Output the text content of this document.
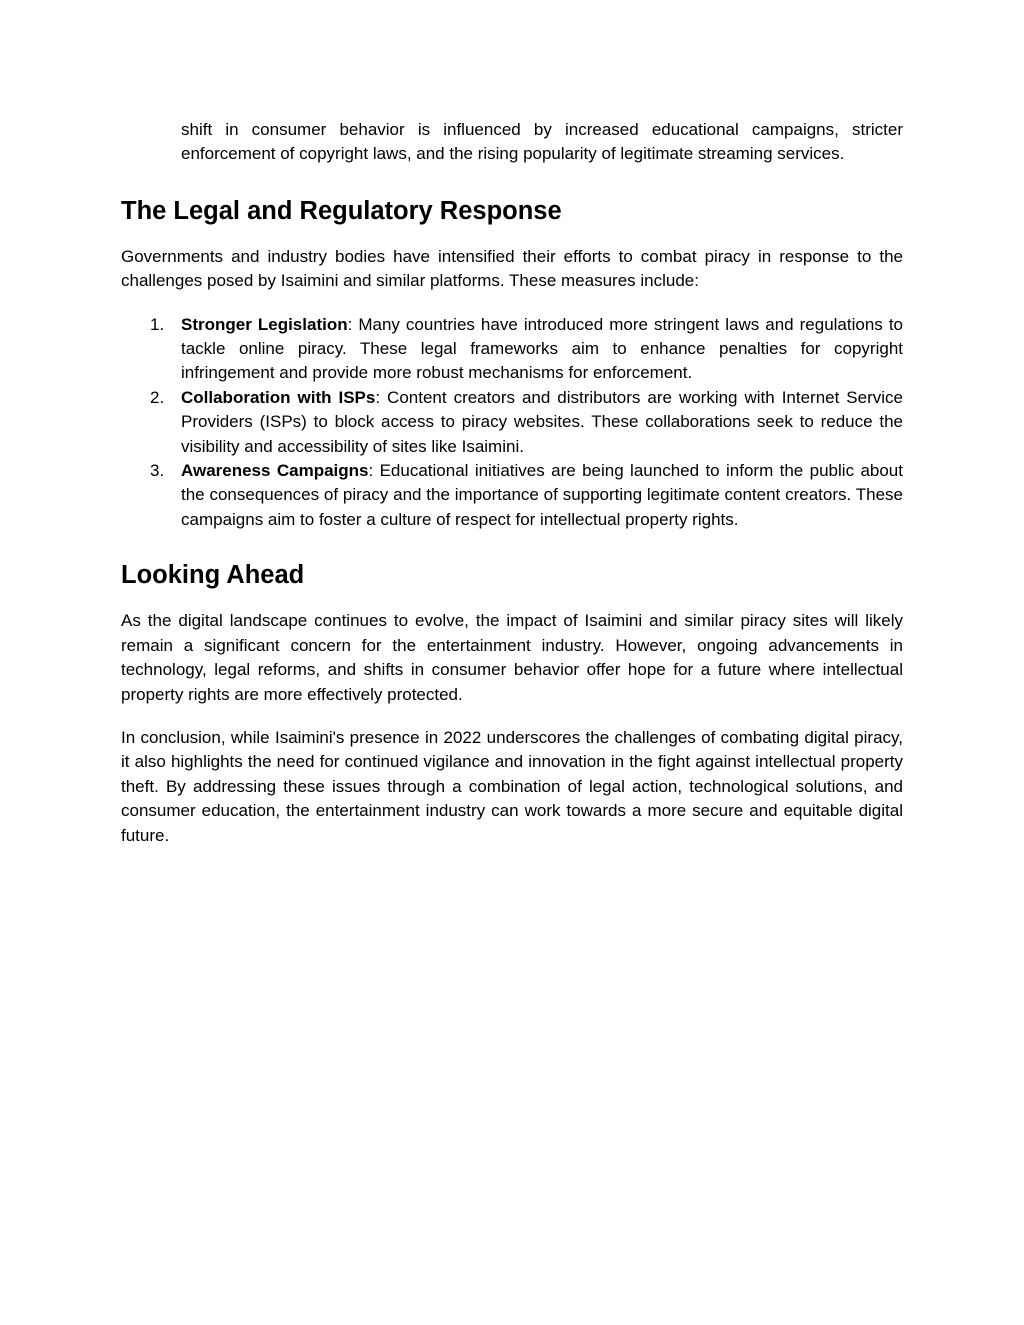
shift in consumer behavior is influenced by increased educational campaigns, stricter enforcement of copyright laws, and the rising popularity of legitimate streaming services.

The Legal and Regulatory Response

Governments and industry bodies have intensified their efforts to combat piracy in response to the challenges posed by Isaimini and similar platforms. These measures include:

1. Stronger Legislation: Many countries have introduced more stringent laws and regulations to tackle online piracy. These legal frameworks aim to enhance penalties for copyright infringement and provide more robust mechanisms for enforcement.
2. Collaboration with ISPs: Content creators and distributors are working with Internet Service Providers (ISPs) to block access to piracy websites. These collaborations seek to reduce the visibility and accessibility of sites like Isaimini.
3. Awareness Campaigns: Educational initiatives are being launched to inform the public about the consequences of piracy and the importance of supporting legitimate content creators. These campaigns aim to foster a culture of respect for intellectual property rights.
Looking Ahead

As the digital landscape continues to evolve, the impact of Isaimini and similar piracy sites will likely remain a significant concern for the entertainment industry. However, ongoing advancements in technology, legal reforms, and shifts in consumer behavior offer hope for a future where intellectual property rights are more effectively protected.

In conclusion, while Isaimini's presence in 2022 underscores the challenges of combating digital piracy, it also highlights the need for continued vigilance and innovation in the fight against intellectual property theft. By addressing these issues through a combination of legal action, technological solutions, and consumer education, the entertainment industry can work towards a more secure and equitable digital future.
